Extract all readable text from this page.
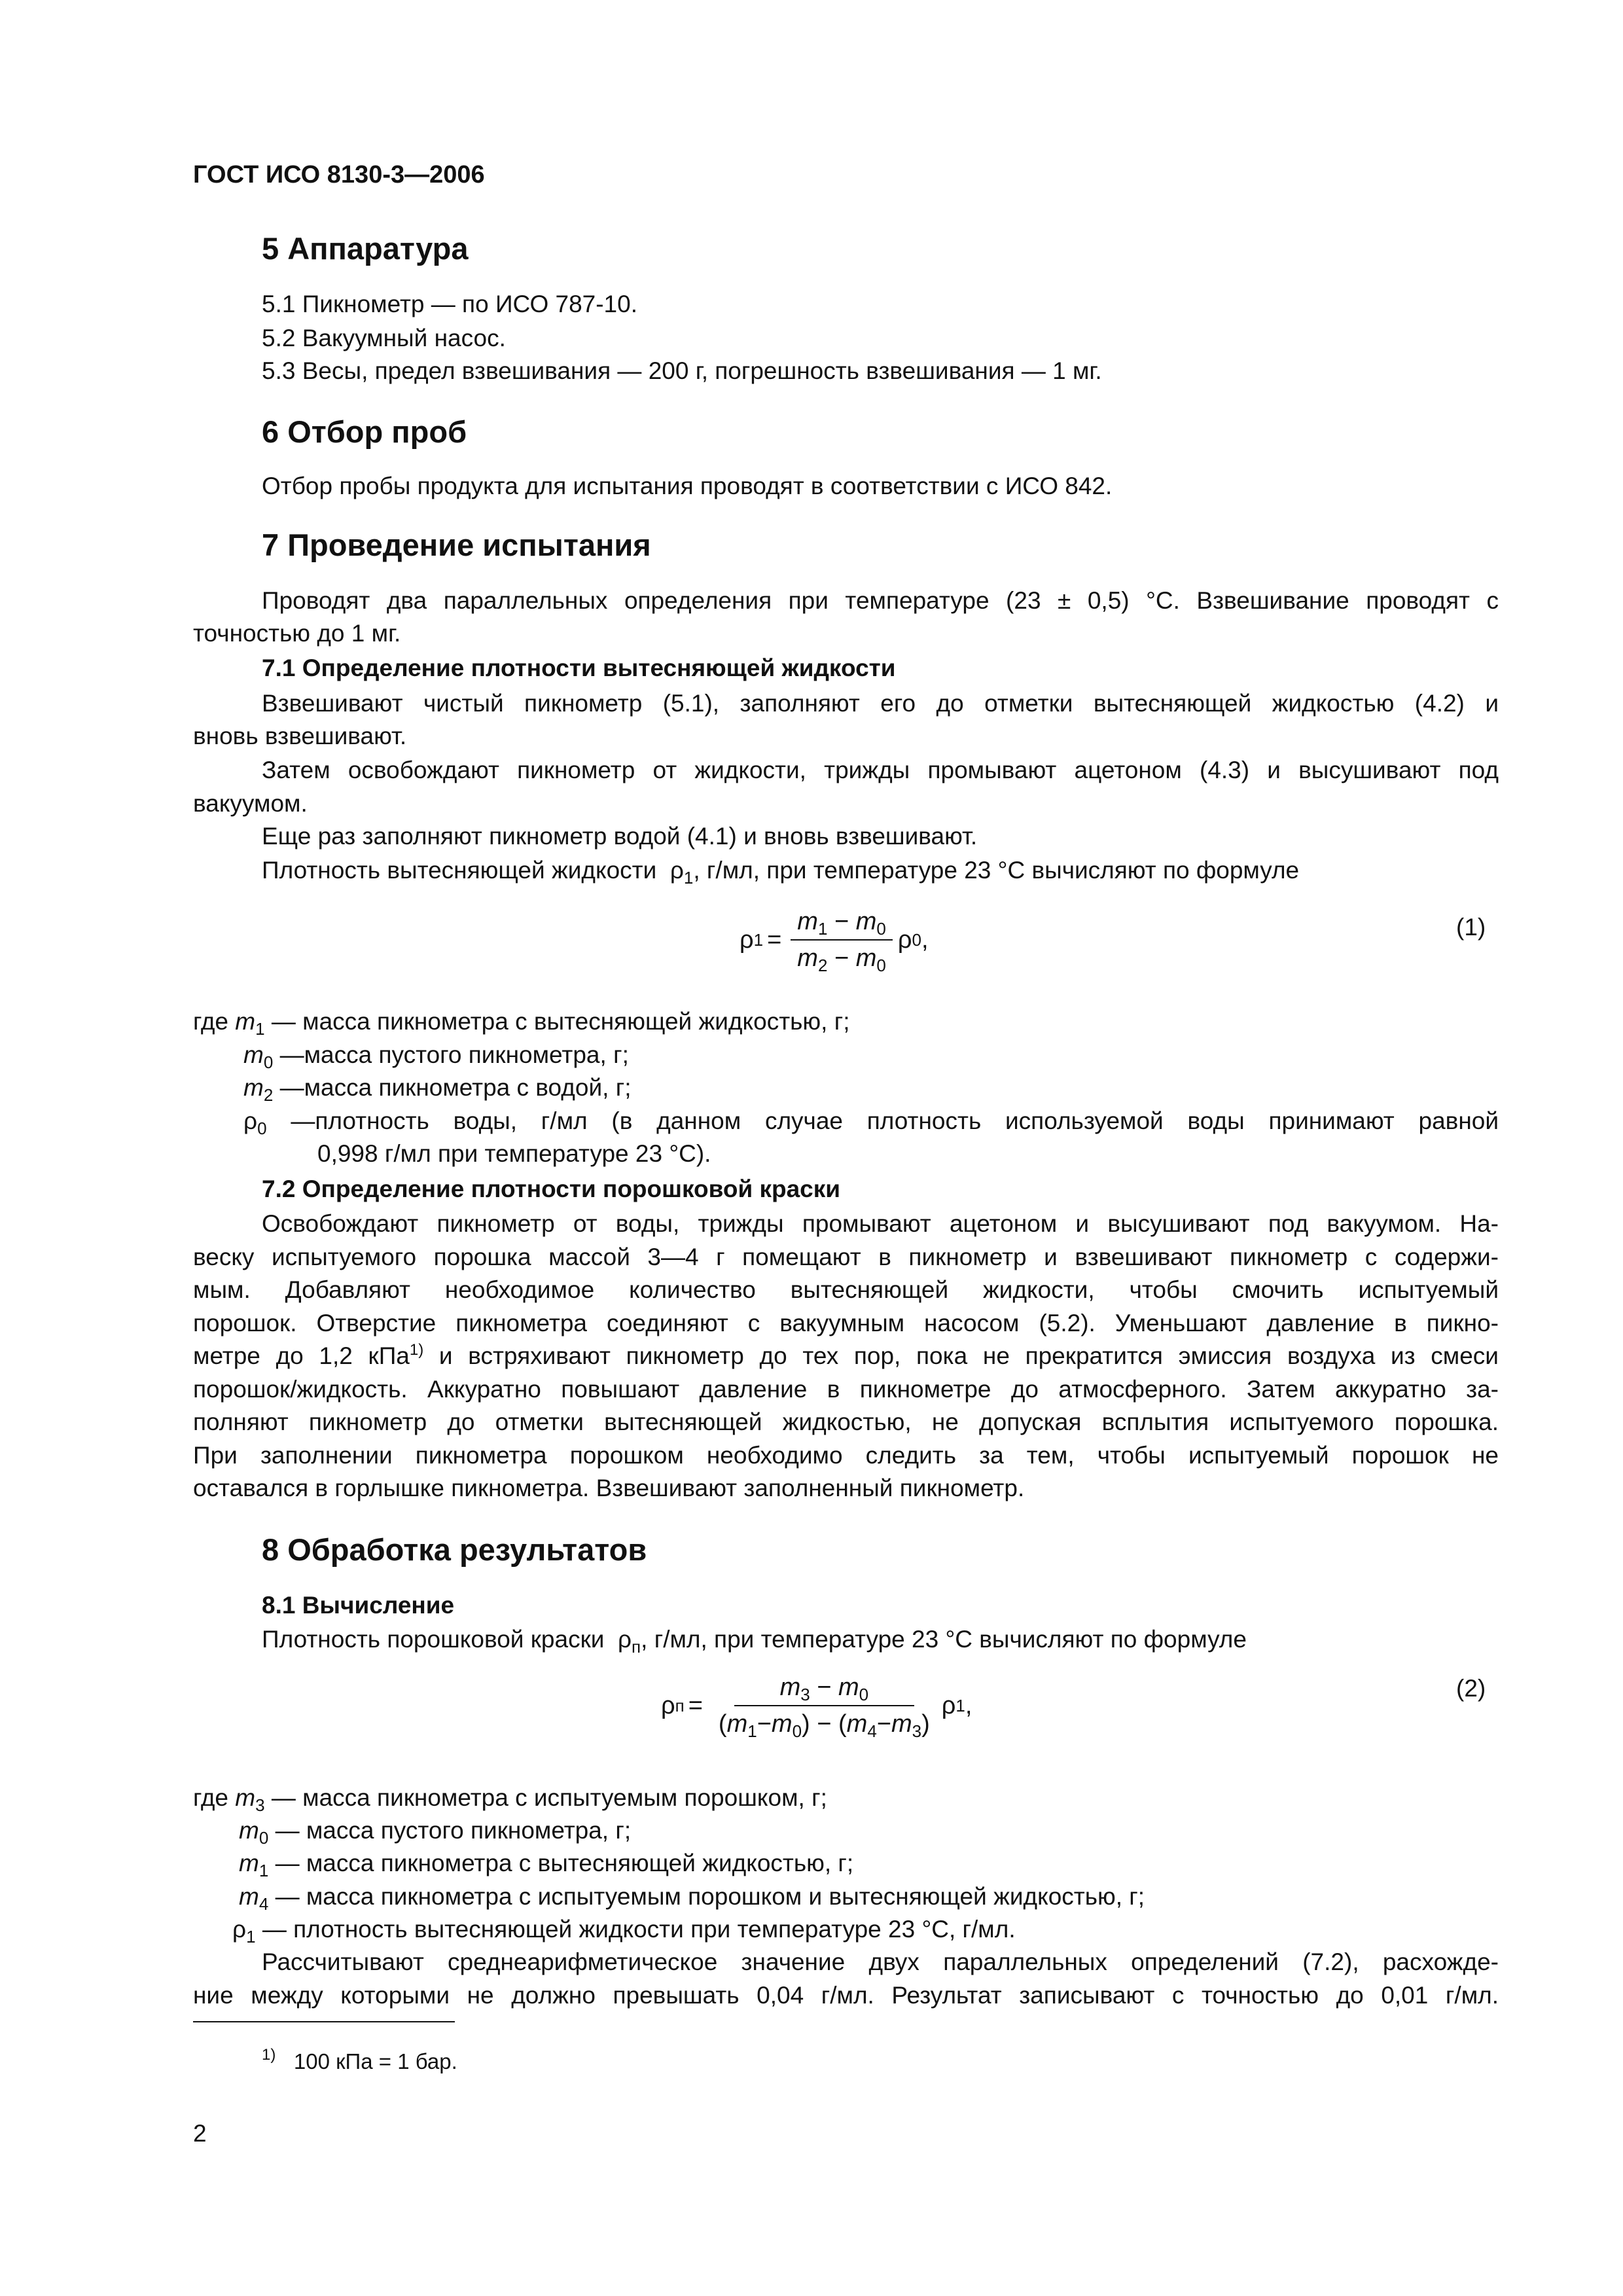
ГОСТ ИСО 8130-3—2006
5 Аппаратура
5.1 Пикнометр — по ИСО 787-10.
5.2 Вакуумный насос.
5.3 Весы, предел взвешивания — 200 г, погрешность взвешивания — 1 мг.
6 Отбор проб
Отбор пробы продукта для испытания проводят в соответствии с ИСО 842.
7 Проведение испытания
Проводят два параллельных определения при температуре (23 ± 0,5) °С. Взвешивание проводят с
точностью до 1 мг.
7.1 Определение плотности вытесняющей жидкости
Взвешивают чистый пикнометр (5.1), заполняют его до отметки вытесняющей жидкостью (4.2) и
вновь взвешивают.
Затем освобождают пикнометр от жидкости, трижды промывают ацетоном (4.3) и высушивают под
вакуумом.
Еще раз заполняют пикнометр водой (4.1) и вновь взвешивают.
Плотность вытесняющей жидкости $\rho_1$, г/мл, при температуре 23 °С вычисляют по формуле
ρ $1 = \frac{m_1 - m_0}{m_2 - m_0}$ ρ 0 ,	(1)
где $m_1$ — масса пикнометра с вытесняющей жидкостью, г;
$m_0$ —масса пустого пикнометра, г;
$m_2$ —масса пикнометра с водой, г;
$\rho_0$ —плотность воды, г/мл (в данном случае плотность используемой воды принимают равной
0,998 г/мл при температуре 23 °С).
7.2 Определение плотности порошковой краски
Освобождают пикнометр от воды, трижды промывают ацетоном и высушивают под вакуумом. На-
веску испытуемого порошка массой 3—4 г помещают в пикнометр и взвешивают пикнометр с содержи-
мым. Добавляют необходимое количество вытесняющей жидкости, чтобы смочить испытуемый
порошок. Отверстие пикнометра соединяют с вакуумным насосом (5.2). Уменьшают давление в пикно-
метре до 1,2 кПа$^{1)}$ и встряхивают пикнометр до тех пор, пока не прекратится эмиссия воздуха из смеси
порошок/жидкость. Аккуратно повышают давление в пикнометре до атмосферного. Затем аккуратно за-
полняют пикнометр до отметки вытесняющей жидкостью, не допуская всплытия испытуемого порошка.
При заполнении пикнометра порошком необходимо следить за тем, чтобы испытуемый порошок не
оставался в горлышке пикнометра. Взвешивают заполненный пикнометр.
8 Обработка результатов
8.1 Вычисление
Плотность порошковой краски $\rho_п$, г/мл, при температуре 23 °С вычисляют по формуле
ρ $п = \frac{m_3 - m_0}{(m_1-m_0) - (m_4-m_3)}$ ρ 1 ,
(2)
где $m_3$ — масса пикнометра с испытуемым порошком, г;
$m_0$ — масса пустого пикнометра, г;
$m_1$ — масса пикнометра с вытесняющей жидкостью, г;
$m_4$ — масса пикнометра с испытуемым порошком и вытесняющей жидкостью, г;
$\rho_1$ — плотность вытесняющей жидкости при температуре 23 °С, г/мл.
Рассчитывают среднеарифметическое значение двух параллельных определений (7.2), расхожде-
ние между которыми не должно превышать 0,04 г/мл. Результат записывают с точностью до 0,01 г/мл.
$^{1)}$ 100 кПа = 1 бар.
2
